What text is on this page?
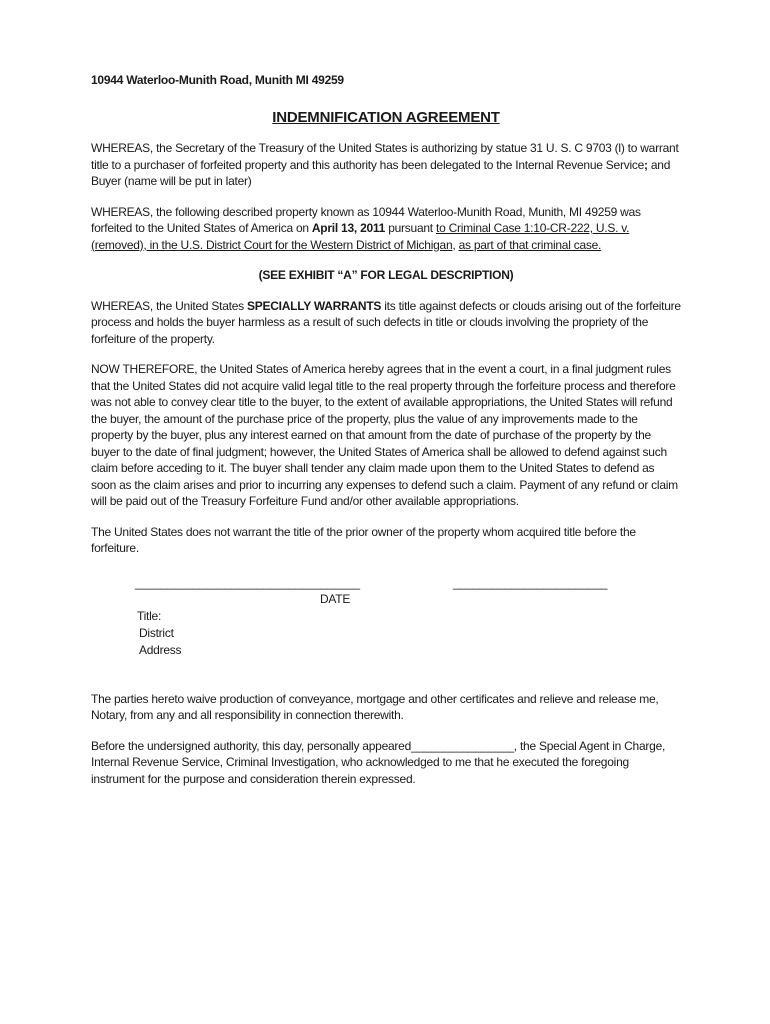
10944 Waterloo-Munith Road, Munith MI 49259
INDEMNIFICATION AGREEMENT

WHEREAS, the Secretary of the Treasury of the United States is authorizing by statue 31 U. S. C 9703 (l) to warrant title to a purchaser of forfeited property and this authority has been delegated to the Internal Revenue Service; and Buyer (name will be put in later)

WHEREAS, the following described property known as 10944 Waterloo-Munith Road, Munith, MI 49259 was forfeited to the United States of America on April 13, 2011 pursuant to Criminal Case 1:10-CR-222, U.S. v. (removed), in the U.S. District Court for the Western District of Michigan, as part of that criminal case.

(SEE EXHIBIT “A” FOR LEGAL DESCRIPTION)

WHEREAS, the United States SPECIALLY WARRANTS its title against defects or clouds arising out of the forfeiture process and holds the buyer harmless as a result of such defects in title or clouds involving the propriety of the forfeiture of the property.

NOW THEREFORE, the United States of America hereby agrees that in the event a court, in a final judgment rules that the United States did not acquire valid legal title to the real property through the forfeiture process and therefore was not able to convey clear title to the buyer, to the extent of available appropriations, the United States will refund the buyer, the amount of the purchase price of the property, plus the value of any improvements made to the property by the buyer, plus any interest earned on that amount from the date of purchase of the property by the buyer to the date of final judgment; however, the United States of America shall be allowed to defend against such claim before acceding to it. The buyer shall tender any claim made upon them to the United States to defend as soon as the claim arises and prior to incurring any expenses to defend such a claim. Payment of any refund or claim will be paid out of the Treasury Forfeiture Fund and/or other available appropriations.

The United States does not warrant the title of the prior owner of the property whom acquired title before the forfeiture.

___________________________________	________________________
DATE
Title:
District
Address

The parties hereto waive production of conveyance, mortgage and other certificates and relieve and release me, Notary, from any and all responsibility in connection therewith.

Before the undersigned authority, this day, personally appeared________________, the Special Agent in Charge, Internal Revenue Service, Criminal Investigation, who acknowledged to me that he executed the foregoing instrument for the purpose and consideration therein expressed.
